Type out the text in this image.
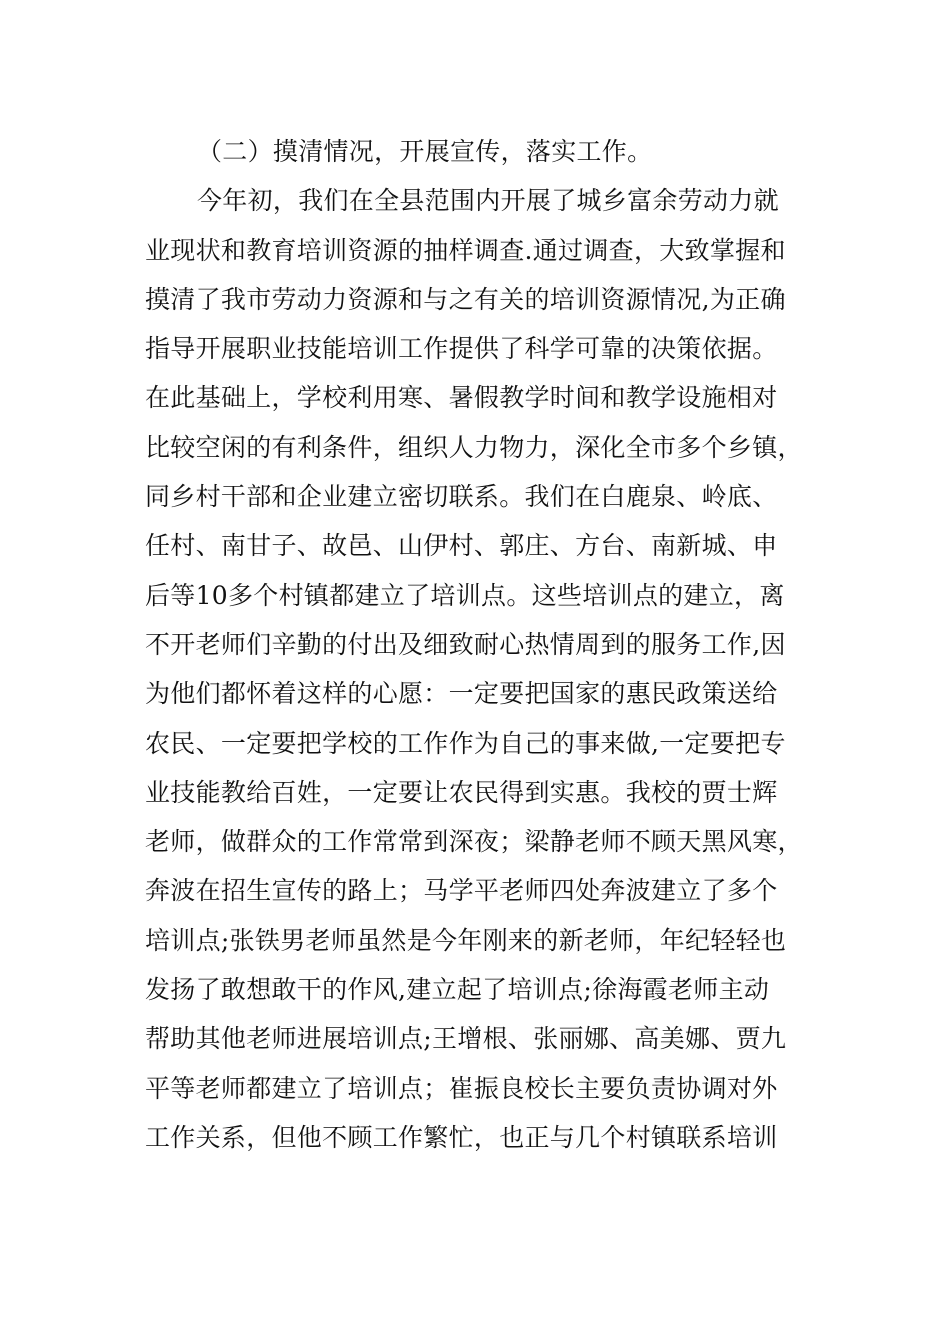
（二）摸清情况，开展宣传，落实工作。
今年初，我们在全县范围内开展了城乡富余劳动力就
业现状和教育培训资源的抽样调查.通过调查，大致掌握和
摸清了我市劳动力资源和与之有关的培训资源情况,为正确
指导开展职业技能培训工作提供了科学可靠的决策依据。
在此基础上，学校利用寒、暑假教学时间和教学设施相对
比较空闲的有利条件，组织人力物力，深化全市多个乡镇，
同乡村干部和企业建立密切联系。我们在白鹿泉、岭底、
任村、南甘子、故邑、山伊村、郭庄、方台、南新城、申
后等10多个村镇都建立了培训点。这些培训点的建立，离
不开老师们辛勤的付出及细致耐心热情周到的服务工作,因
为他们都怀着这样的心愿：一定要把国家的惠民政策送给
农民、一定要把学校的工作作为自己的事来做,一定要把专
业技能教给百姓，一定要让农民得到实惠。我校的贾士辉
老师，做群众的工作常常到深夜；梁静老师不顾天黑风寒，
奔波在招生宣传的路上；马学平老师四处奔波建立了多个
培训点;张铁男老师虽然是今年刚来的新老师，年纪轻轻也
发扬了敢想敢干的作风,建立起了培训点;徐海霞老师主动
帮助其他老师进展培训点;王增根、张丽娜、高美娜、贾九
平等老师都建立了培训点；崔振良校长主要负责协调对外
工作关系，但他不顾工作繁忙，也正与几个村镇联系培训
